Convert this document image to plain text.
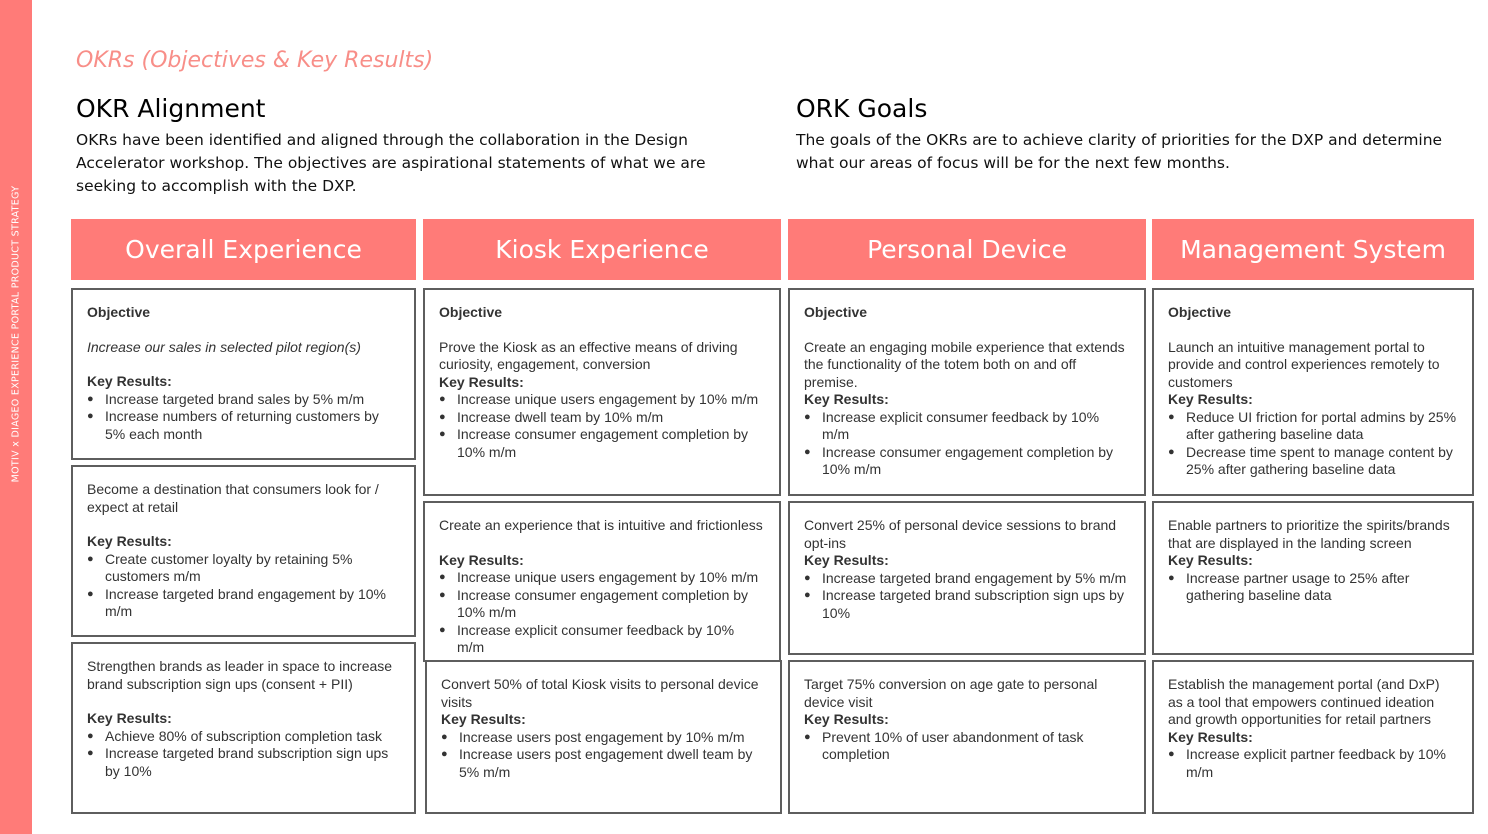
MOTIV x DIAGEO EXPERIENCE PORTAL PRODUCT STRATEGY
OKRs (Objectives & Key Results)
OKR Alignment
OKRs have been identified and aligned through the collaboration in the Design Accelerator workshop. The objectives are aspirational statements of what we are seeking to accomplish with the DXP.
ORK Goals
The goals of the OKRs are to achieve clarity of priorities for the DXP and determine what our areas of focus will be for the next few months.
Overall Experience	Kiosk Experience	Personal Device	Management System
Objective
Increase our sales in selected pilot region(s)
Key Results:
● Increase targeted brand sales by 5% m/m
● Increase numbers of returning customers by 5% each month
Become a destination that consumers look for / expect at retail
Key Results:
● Create customer loyalty by retaining 5% customers m/m
● Increase targeted brand engagement by 10% m/m
Strengthen brands as leader in space to increase brand subscription sign ups (consent + PII)
Key Results:
● Achieve 80% of subscription completion task
● Increase targeted brand subscription sign ups by 10%
Objective
Prove the Kiosk as an effective means of driving curiosity, engagement, conversion
Key Results:
● Increase unique users engagement by 10% m/m
● Increase dwell team by 10% m/m
● Increase consumer engagement completion by 10% m/m
Create an experience that is intuitive and frictionless
Key Results:
● Increase unique users engagement by 10% m/m
● Increase consumer engagement completion by 10% m/m
● Increase explicit consumer feedback by 10% m/m
Convert 50% of total Kiosk visits to personal device visits
Key Results:
● Increase users post engagement by 10% m/m
● Increase users post engagement dwell team by 5% m/m
Objective
Create an engaging mobile experience that extends the functionality of the totem both on and off premise.
Key Results:
● Increase explicit consumer feedback by 10% m/m
● Increase consumer engagement completion by 10% m/m
Convert 25% of personal device sessions to brand opt-ins
Key Results:
● Increase targeted brand engagement by 5% m/m
● Increase targeted brand subscription sign ups by 10%
Target 75% conversion on age gate to personal device visit
Key Results:
● Prevent 10% of user abandonment of task completion
Objective
Launch an intuitive management portal to provide and control experiences remotely to customers
Key Results:
● Reduce UI friction for portal admins by 25% after gathering baseline data
● Decrease time spent to manage content by 25% after gathering baseline data
Enable partners to prioritize the spirits/brands that are displayed in the landing screen
Key Results:
● Increase partner usage to 25% after gathering baseline data
Establish the management portal (and DxP) as a tool that empowers continued ideation and growth opportunities for retail partners
Key Results:
● Increase explicit partner feedback by 10% m/m
